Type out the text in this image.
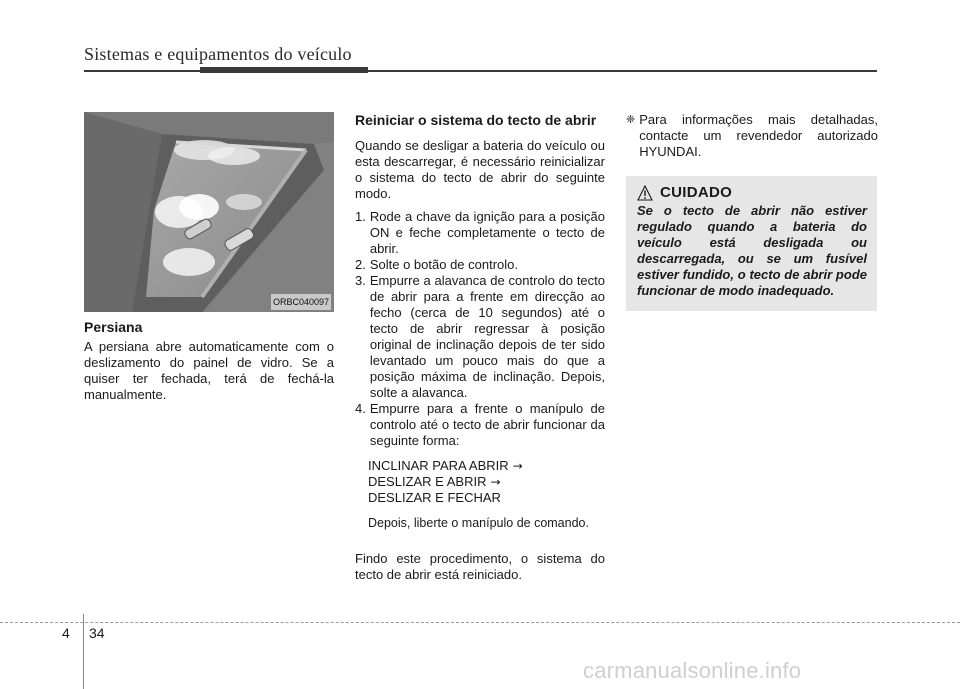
Sistemas e equipamentos do veículo
ORBC040097
Persiana

A persiana abre automaticamente com o deslizamento do painel de vidro. Se a quiser ter fechada, terá de fechá-la manualmente.

Reiniciar o sistema do tecto de abrir

Quando se desligar a bateria do veículo ou esta descarregar, é necessário reinicializar o sistema do tecto de abrir do seguinte modo.

1. Rode a chave da ignição para a posição ON e feche completamente o tecto de abrir.
2. Solte o botão de controlo.
3. Empurre a alavanca de controlo do tecto de abrir para a frente em direcção ao fecho (cerca de 10 segundos) até o tecto de abrir regressar à posição original de inclinação depois de ter sido levantado um pouco mais do que a posição máxima de inclinação. Depois, solte a alavanca.
4. Empurre para a frente o manípulo de controlo até o tecto de abrir funcionar da seguinte forma:
INCLINAR PARA ABRIR →
DESLIZAR E ABRIR →
DESLIZAR E FECHAR
Depois, liberte o manípulo de comando.

Findo este procedimento, o sistema do tecto de abrir está reiniciado.

❈ Para informações mais detalhadas, contacte um revendedor autorizado HYUNDAI.
CUIDADO
Se o tecto de abrir não estiver regulado quando a bateria do veículo está desligada ou descarregada, ou se um fusível estiver fundido, o tecto de abrir pode funcionar de modo inadequado.
4 34
carmanualsonline.info
